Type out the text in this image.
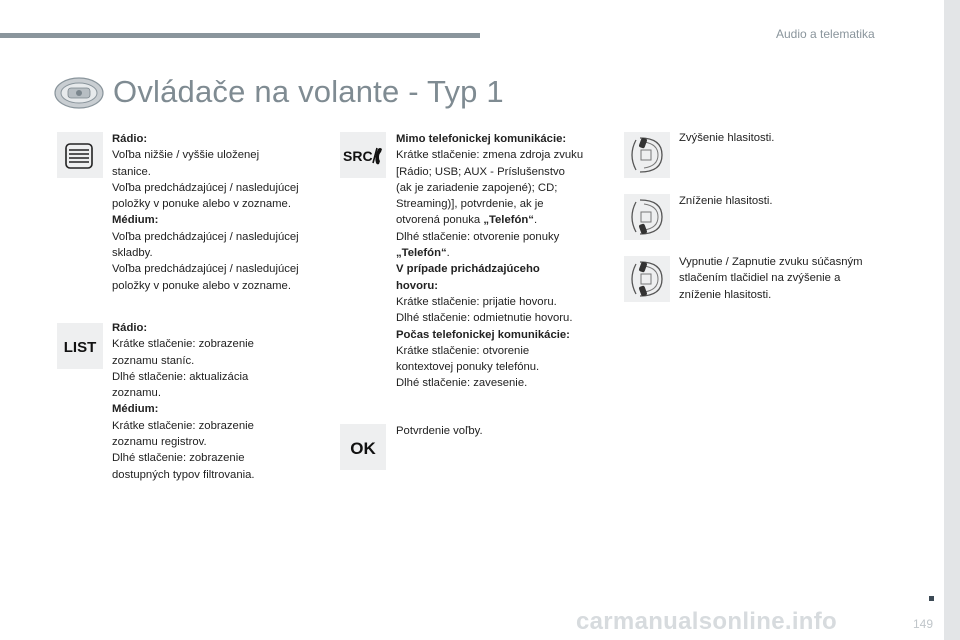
Audio a telematika
Ovládače na volante - Typ 1
Rádio:
Voľba nižšie / vyššie uloženej
stanice.
Voľba predchádzajúcej / nasledujúcej
položky v ponuke alebo v zozname.
Médium:
Voľba predchádzajúcej / nasledujúcej
skladby.
Voľba predchádzajúcej / nasledujúcej
položky v ponuke alebo v zozname.
LIST
Rádio:
Krátke stlačenie: zobrazenie
zoznamu staníc.
Dlhé stlačenie: aktualizácia
zoznamu.
Médium:
Krátke stlačenie: zobrazenie
zoznamu registrov.
Dlhé stlačenie: zobrazenie
dostupných typov filtrovania.
SRC
Mimo telefonickej komunikácie:
Krátke stlačenie: zmena zdroja zvuku
[Rádio; USB; AUX - Príslušenstvo
(ak je zariadenie zapojené); CD;
Streaming)], potvrdenie, ak je
otvorená ponuka „Telefón“.
Dlhé stlačenie: otvorenie ponuky
„Telefón“.
V prípade prichádzajúceho
hovoru:
Krátke stlačenie: prijatie hovoru.
Dlhé stlačenie: odmietnutie hovoru.
Počas telefonickej komunikácie:
Krátke stlačenie: otvorenie
kontextovej ponuky telefónu.
Dlhé stlačenie: zavesenie.
OK
Potvrdenie voľby.
Zvýšenie hlasitosti.
Zníženie hlasitosti.
Vypnutie / Zapnutie zvuku súčasným
stlačením tlačidiel na zvýšenie a
zníženie hlasitosti.
149
carmanualsonline.info
